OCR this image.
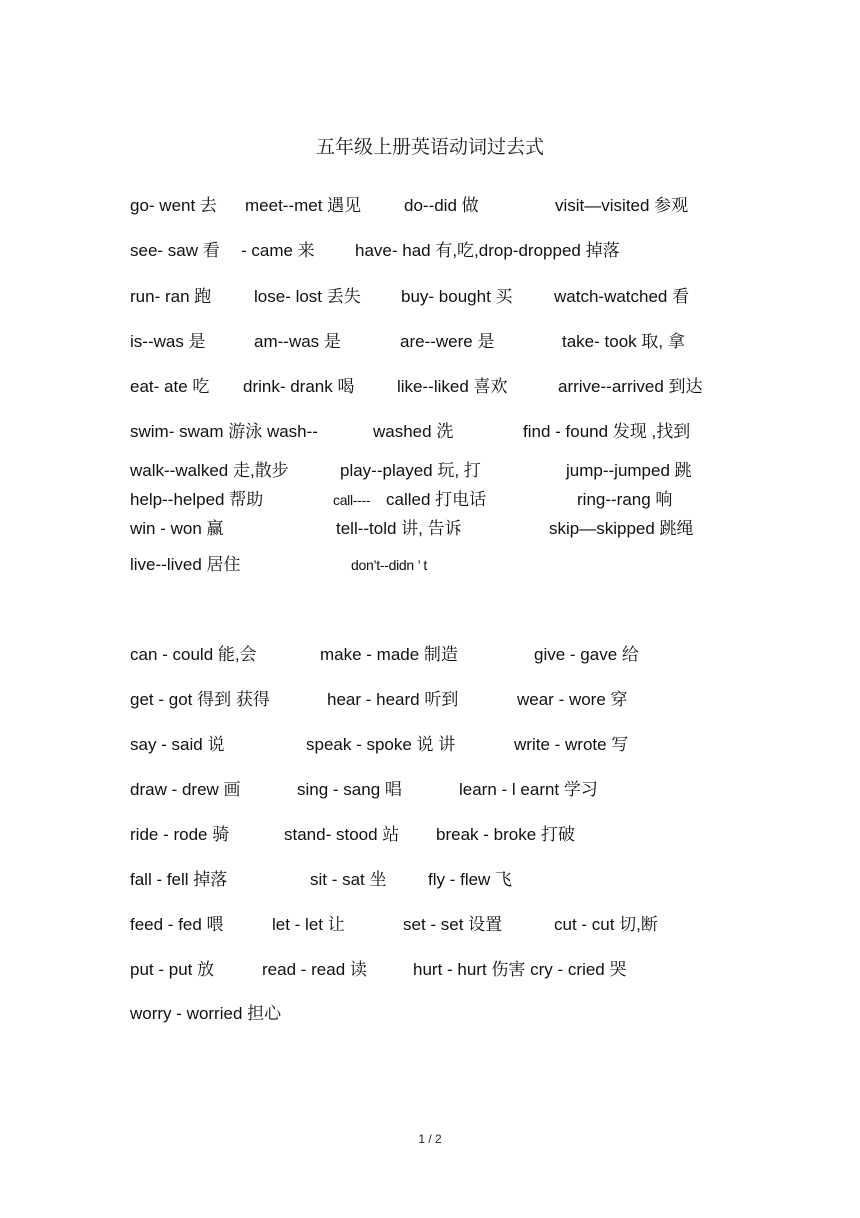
五年级上册英语动词过去式
go- went 去 meet--met 遇见	do--did 做	visit—visited 参观
see- saw 看 - came 来 have- had 有,吃,drop-dropped 掉落
run- ran 跑	lose- lost 丢失 buy- bought 买 watch-watched 看
is--was 是	am--was 是	are--were 是	take- took 取, 拿
eat- ate 吃 drink- drank 喝	like--liked 喜欢	arrive--arrived 到达
swim- swam 游泳 wash--	washed 洗	find - found 发现 ,找到
walk--walked 走,散步	play--played 玩, 打	jump--jumped 跳
help--helped 帮助	call---- called 打电话	ring--rang 响
win - won 赢	tell--told 讲, 告诉	skip—skipped 跳绳
live--lived 居住	don’t--didn ’ t
can - could 能,会	make - made 制造	give - gave 给
get - got 得到 获得	hear - heard 听到	wear - wore 穿
say - said 说	speak - spoke 说 讲	write - wrote 写
draw - drew 画	sing - sang 唱	learn - l earnt 学习
ride - rode 骑	stand- stood 站 break - broke 打破
fall - fell 掉落	sit - sat 坐 fly - flew 飞
feed - fed 喂	let - let 让	set - set 设置	cut - cut 切,断
put - put 放	read - read 读	hurt - hurt 伤害 cry - cried 哭
worry - worried 担心
1 / 2
